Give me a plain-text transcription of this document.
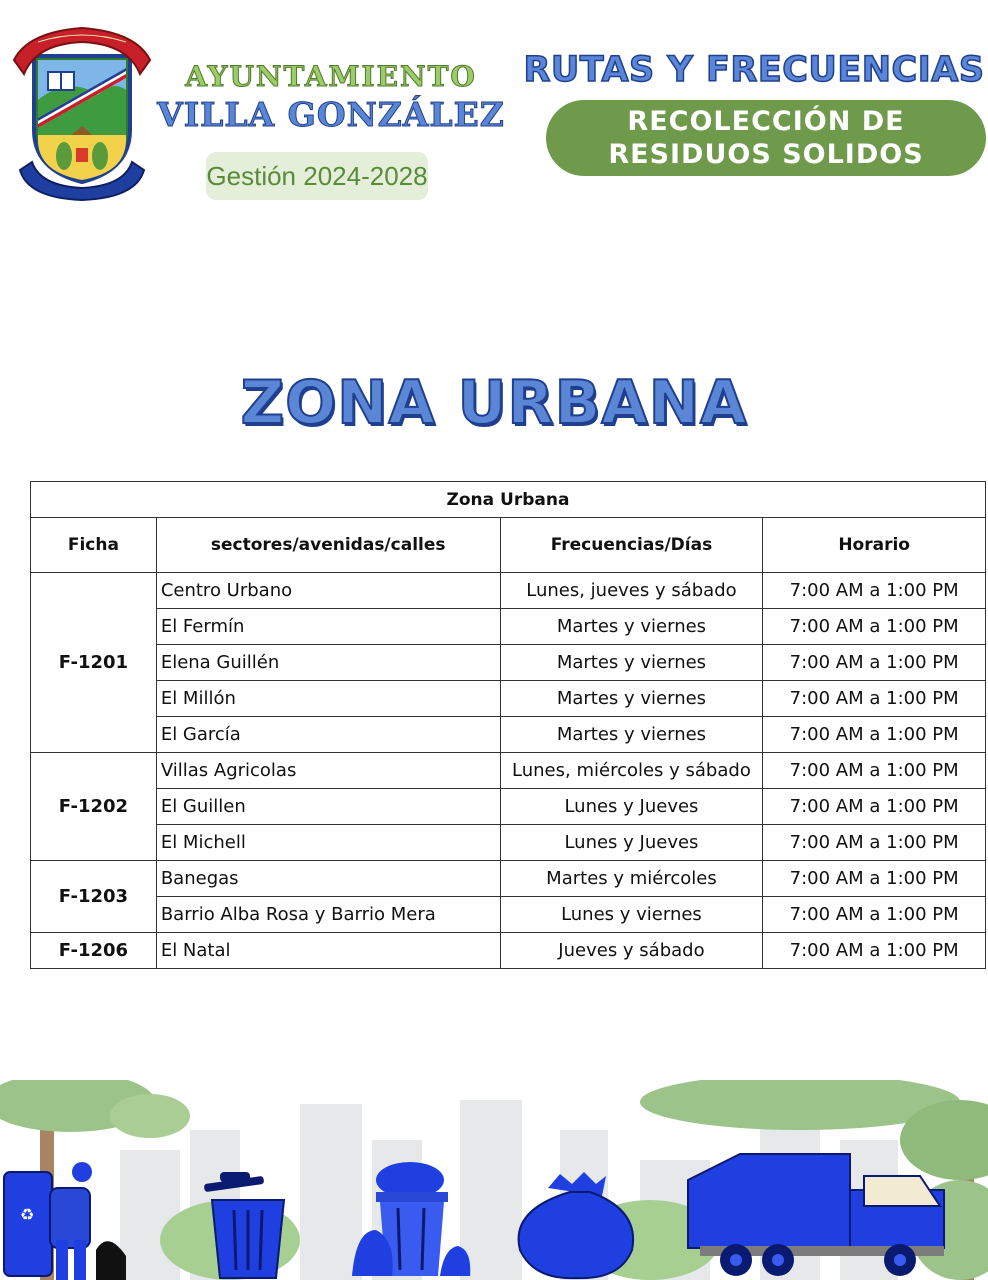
AYUNTAMIENTO
VILLA GONZÁLEZ
Gestión 2024-2028
RUTAS Y FRECUENCIAS
RECOLECCIÓN DE
RESIDUOS SOLIDOS
ZONA URBANA
Zona Urbana			
Ficha	sectores/avenidas/calles	Frecuencias/Días	Horario
F-1201	Centro Urbano	Lunes, jueves y sábado	7:00 AM a 1:00 PM
	El Fermín	Martes y viernes	7:00 AM a 1:00 PM
	Elena Guillén	Martes y viernes	7:00 AM a 1:00 PM
	El Millón	Martes y viernes	7:00 AM a 1:00 PM
	El García	Martes y viernes	7:00 AM a 1:00 PM
F-1202	Villas Agricolas	Lunes, miércoles y sábado	7:00 AM a 1:00 PM
	El Guillen	Lunes y Jueves	7:00 AM a 1:00 PM
	El Michell	Lunes y Jueves	7:00 AM a 1:00 PM
F-1203	Banegas	Martes y miércoles	7:00 AM a 1:00 PM
	Barrio Alba Rosa y Barrio Mera	Lunes y viernes	7:00 AM a 1:00 PM
F-1206	El Natal	Jueves y sábado	7:00 AM a 1:00 PM
♻
